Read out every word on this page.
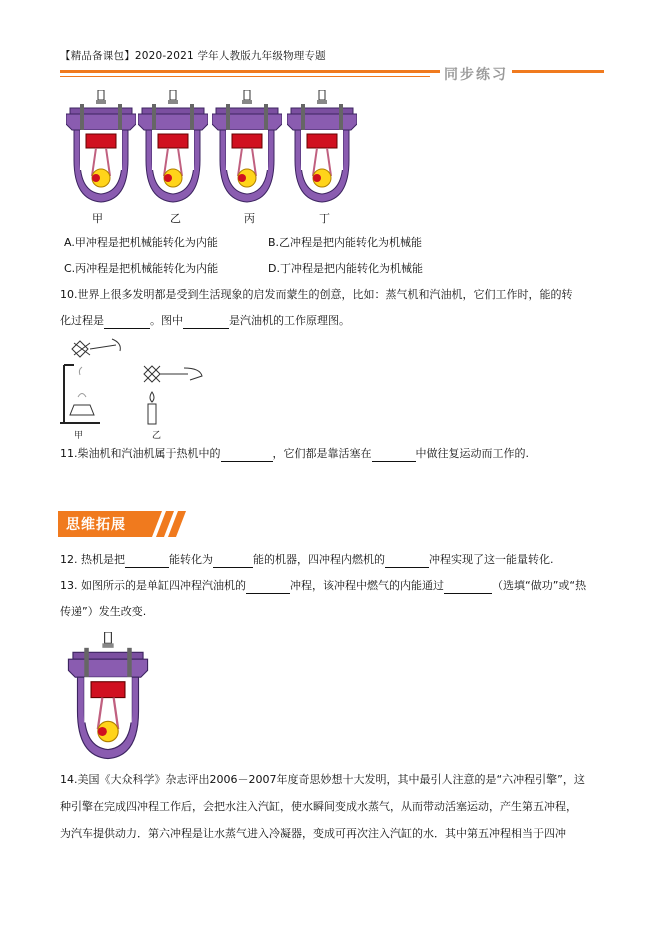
【精品备课包】2020-2021 学年人教版九年级物理专题
同步练习
甲	乙	丙	丁
A.甲冲程是把机械能转化为内能	B.乙冲程是把内能转化为机械能
C.丙冲程是把机械能转化为内能	D.丁冲程是把内能转化为机械能
10.世界上很多发明都是受到生活现象的启发而蒙生的创意，比如：蒸气机和汽油机，它们工作时，能的转
化过程是	。图中	是汽油机的工作原理图。
甲	乙
11.柴油机和汽油机属于热机中的	，它们都是靠活塞在	中做往复运动而工作的.
思维拓展
12. 热机是把	能转化为	能的机器，四冲程内燃机的	冲程实现了这一能量转化.
13. 如图所示的是单缸四冲程汽油机的	冲程，该冲程中燃气的内能通过	（选填“做功”或“热
传递”）发生改变.
14.美国《大众科学》杂志评出2006－2007年度奇思妙想十大发明，其中最引人注意的是“六冲程引擎”，这
种引擎在完成四冲程工作后，会把水注入汽缸，使水瞬间变成水蒸气，从而带动活塞运动，产生第五冲程，
为汽车提供动力．第六冲程是让水蒸气进入冷凝器，变成可再次注入汽缸的水．其中第五冲程相当于四冲
